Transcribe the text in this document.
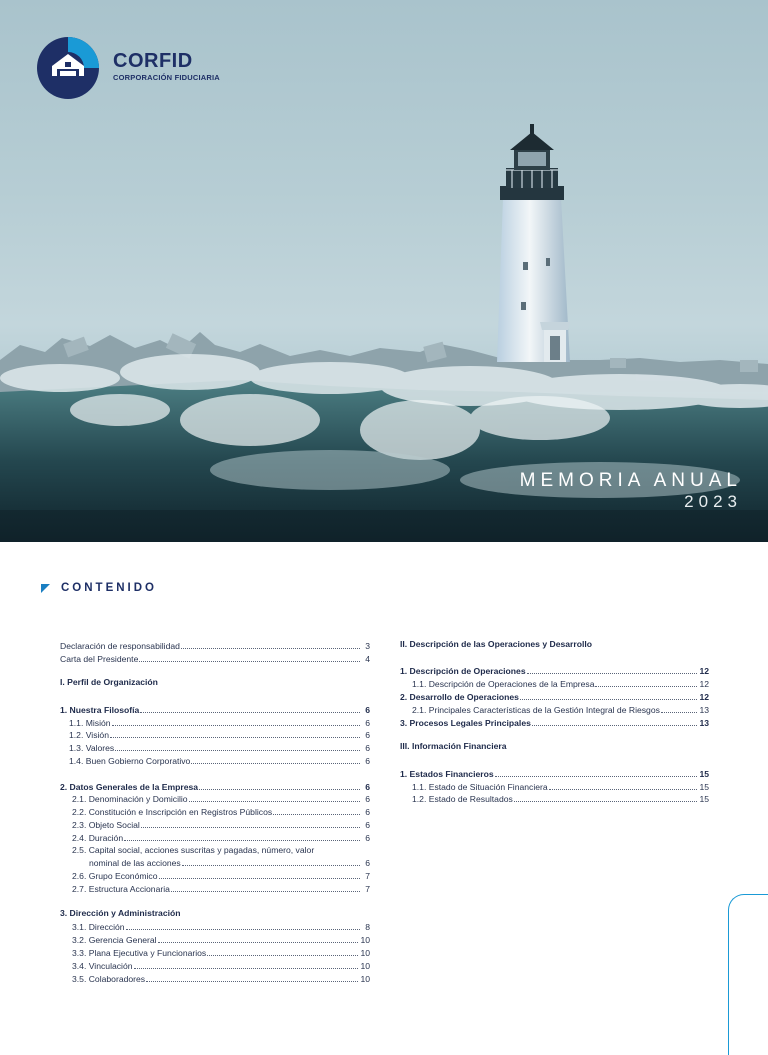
CORFID
CORPORACIÓN FIDUCIARIA
MEMORIA ANUAL
2023
CONTENIDO
Declaración de responsabilidad	3
Carta del Presidente	4
I. Perfil de Organización
1. Nuestra Filosofía	6
1.1. Misión	6
1.2. Visión	6
1.3. Valores	6
1.4. Buen Gobierno Corporativo	6
2. Datos Generales de la Empresa	6
2.1. Denominación y Domicilio	6
2.2. Constitución e Inscripción en Registros Públicos	6
2.3. Objeto Social	6
2.4. Duración	6
2.5. Capital social, acciones suscritas y pagadas, número, valor
nominal de las acciones	6
2.6. Grupo Económico	7
2.7. Estructura Accionaria	7
3. Dirección y Administración
3.1. Dirección	8
3.2. Gerencia General	10
3.3. Plana Ejecutiva y Funcionarios	10
3.4. Vinculación	10
3.5. Colaboradores	10
II. Descripción de las Operaciones y Desarrollo
1. Descripción de Operaciones	12
1.1. Descripción de Operaciones de la Empresa	12
2. Desarrollo de Operaciones	12
2.1. Principales Características de la Gestión Integral de Riesgos	13
3. Procesos Legales Principales	13
III. Información Financiera
1. Estados Financieros	15
1.1. Estado de Situación Financiera	15
1.2. Estado de Resultados	15
